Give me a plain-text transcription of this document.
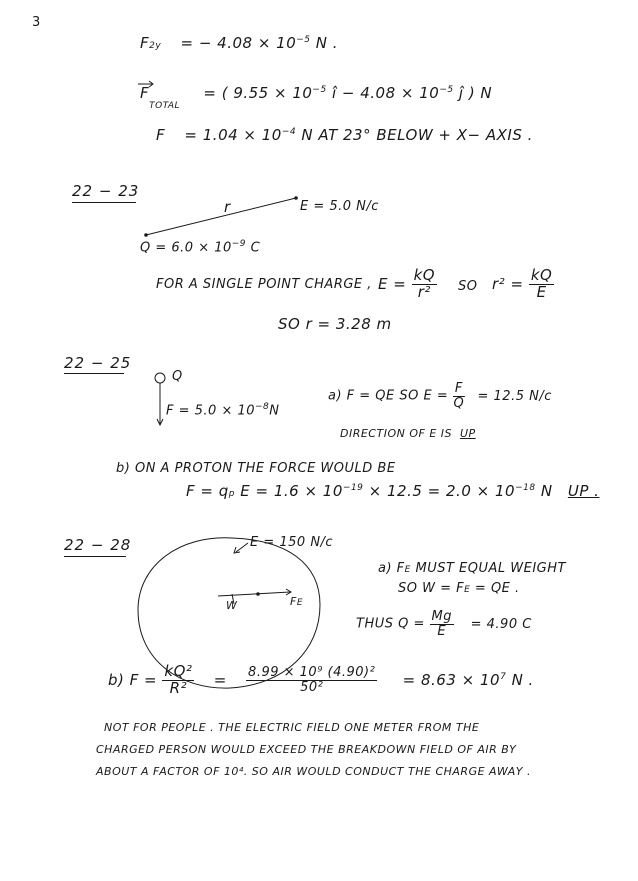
3
F2y = − $4.08 \times 10^{-5}$ N .
$F_{TOTAL}$ = ( $9.55 \times 10^{-5}$ î − $4.08 \times 10^{-5}$ ĵ ) N
$F = 1.04 \times 10^{-4}$ N AT 23° BELOW + X− AXIS .
22 − 23
r	E = 5.0 N/c
$Q = 6.0 \times 10^{-9}$ C
FOR A SINGLE POINT CHARGE , $E = \frac{kQ}{\text{r²}}$ SO $r^2 = \frac{kQ}{E}$
SO r = 3.28 m
22 − 25
Q
$F = 5.0 \times 10^{-8}N$
a) F = QE SO $E = \frac{F}{Q} = 12.5$ N/c
DIRECTION OF E IS UP
b) ON A PROTON THE FORCE WOULD BE
F = qp $E = 1.6 \times 10^{-19} \times 12.5 = 2.0 \times 10^{-18}$ N UP .
22 − 28	E = 150 N/c
W	FE
a) FE MUST EQUAL WEIGHT
SO W = FE = QE .
THUS $Q = \frac{Mg}{E} = 4.90$ C
b) $F = \frac{\text{kQ²}}{\text{R²}} = \frac{\text{8.99 × 10⁹ (4.90)²}}{\text{50²}} = 8.63 \times 10^7$ N .
NOT FOR PEOPLE . THE ELECTRIC FIELD ONE METER FROM THE
CHARGED PERSON WOULD EXCEED THE BREAKDOWN FIELD OF AIR BY
ABOUT A FACTOR OF 10⁴. SO AIR WOULD CONDUCT THE CHARGE AWAY .
